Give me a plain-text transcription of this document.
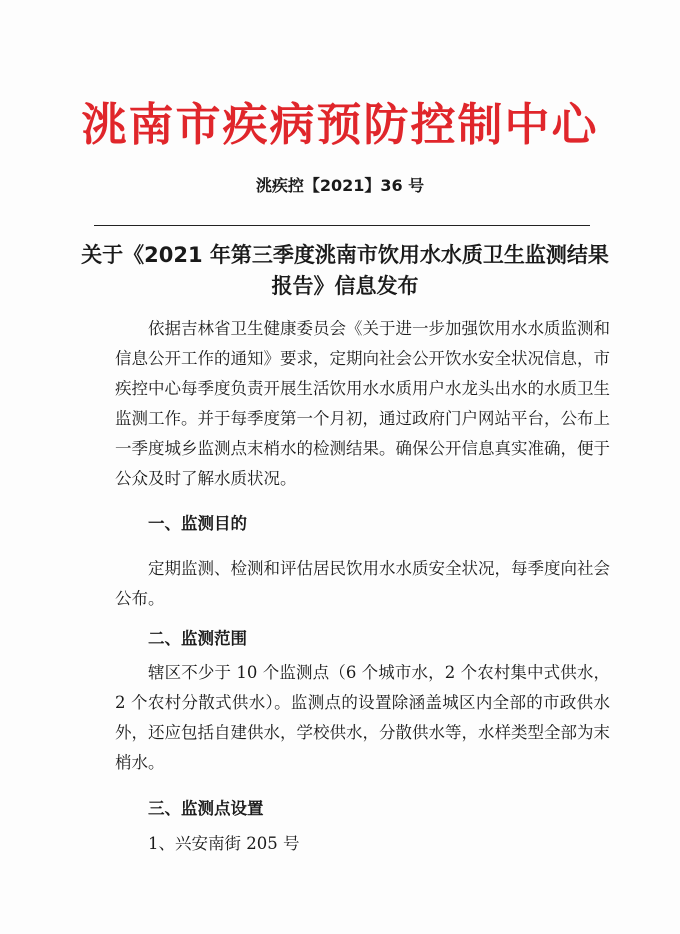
洮南市疾病预防控制中心
洮疾控【2021】36 号
关于《2021 年第三季度洮南市饮用水水质卫生监测结果报告》信息发布

依据吉林省卫生健康委员会《关于进一步加强饮用水水质监测和信息公开工作的通知》要求，定期向社会公开饮水安全状况信息，市疾控中心每季度负责开展生活饮用水水质用户水龙头出水的水质卫生监测工作。并于每季度第一个月初，通过政府门户网站平台，公布上一季度城乡监测点末梢水的检测结果。确保公开信息真实准确，便于公众及时了解水质状况。

一、监测目的

定期监测、检测和评估居民饮用水水质安全状况，每季度向社会公布。

二、监测范围

辖区不少于 10 个监测点（6 个城市水，2 个农村集中式供水，2 个农村分散式供水）。监测点的设置除涵盖城区内全部的市政供水外，还应包括自建供水，学校供水，分散供水等，水样类型全部为末梢水。

三、监测点设置

1、兴安南街 205 号
